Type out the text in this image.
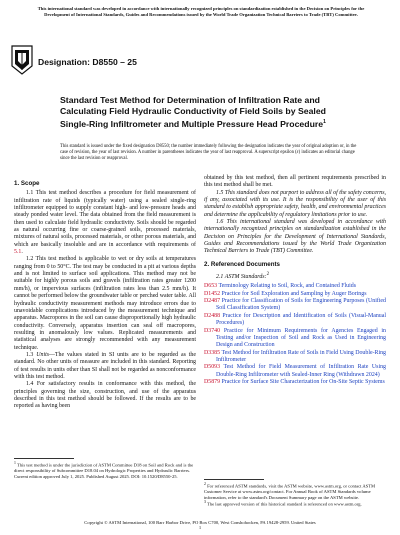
This international standard was developed in accordance with internationally recognized principles on standardization established in the Decision on Principles for the Development of International Standards, Guides and Recommendations issued by the World Trade Organization Technical Barriers to Trade (TBT) Committee.
Designation: D8550 – 25
Standard Test Method for Determination of Infiltration Rate and Calculating Field Hydraulic Conductivity of Field Soils by Sealed Single-Ring Infiltrometer and Multiple Pressure Head Procedure$^1$
This standard is issued under the fixed designation D8550; the number immediately following the designation indicates the year of original adoption or, in the case of revision, the year of last revision. A number in parentheses indicates the year of last reapproval. A superscript epsilon (ε) indicates an editorial change since the last revision or reapproval.

1. Scope

1.1 This test method describes a procedure for field measurement of infiltration rate of liquids (typically water) using a sealed single-ring infiltrometer equipped to supply constant high- and low-pressure heads and steady ponded water level. The data obtained from the field measurement is then used to calculate field hydraulic conductivity. Soils should be regarded as natural occurring fine or coarse-grained soils, processed materials, mixtures of natural soils, processed materials, or other porous materials, and which are basically insoluble and are in accordance with requirements of 5.1.

1.2 This test method is applicable to wet or dry soils at temperatures ranging from 0 to 50°C. The test may be conducted in a pit at various depths and is not limited to surface soil applications. This method may not be suitable for highly porous soils and gravels (infiltration rates greater 1200 mm/h), or impervious surfaces (infiltration rates less than 2.5 mm/h). It cannot be performed below the groundwater table or perched water table. All hydraulic conductivity measurement methods may introduce errors due to unavoidable complications introduced by the measurement technique and apparatus. Macropores in the soil can cause disproportionally high hydraulic conductivity. Conversely, apparatus insertion can seal off macropores, resulting in anomalously low values. Replicated measurements and statistical analyses are strongly recommended with any measurement technique.

1.3 Units—The values stated in SI units are to be regarded as the standard. No other units of measure are included in this standard. Reporting of test results in units other than SI shall not be regarded as nonconformance with this test method.

1.4 For satisfactory results in conformance with this method, the principles governing the size, construction, and use of the apparatus described in this test method should be followed. If the results are to be reported as having been

obtained by this test method, then all pertinent requirements prescribed in this test method shall be met.

1.5 This standard does not purport to address all of the safety concerns, if any, associated with its use. It is the responsibility of the user of this standard to establish appropriate safety, health, and environmental practices and determine the applicability of regulatory limitations prior to use.

1.6 This international standard was developed in accordance with internationally recognized principles on standardization established in the Decision on Principles for the Development of International Standards, Guides and Recommendations issued by the World Trade Organization Technical Barriers to Trade (TBT) Committee.

2. Referenced Documents

2.1 ASTM Standards:$^2$

D653 Terminology Relating to Soil, Rock, and Contained Fluids
D1452 Practice for Soil Exploration and Sampling by Auger Borings
D2487 Practice for Classification of Soils for Engineering Purposes (Unified Soil Classification System)
D2488 Practice for Description and Identification of Soils (Visual-Manual Procedures)
D3740 Practice for Minimum Requirements for Agencies Engaged in Testing and/or Inspection of Soil and Rock as Used in Engineering Design and Construction
D3385 Test Method for Infiltration Rate of Soils in Field Using Double-Ring Infiltrometer
D5093 Test Method for Field Measurement of Infiltration Rate Using Double-Ring Infiltrometer with Sealed-Inner Ring (Withdrawn 2024)
D5879 Practice for Surface Site Characterization for On-Site Septic Systems
$^1$ This test method is under the jurisdiction of ASTM Committee D18 on Soil and Rock and is the direct responsibility of Subcommittee D18.04 on Hydrologic Properties and Hydraulic Barriers.
Current edition approved July 1, 2025. Published August 2025. DOI: 10.1520/D8550-25.
$^2$ For referenced ASTM standards, visit the ASTM website, www.astm.org, or contact ASTM Customer Service at www.astm.org/contact. For Annual Book of ASTM Standards volume information, refer to the standard's Document Summary page on the ASTM website.
$^3$ The last approved version of this historical standard is referenced on www.astm.org.
Copyright © ASTM International, 100 Barr Harbor Drive, PO Box C700, West Conshohocken, PA 19428-2959. United States
1
